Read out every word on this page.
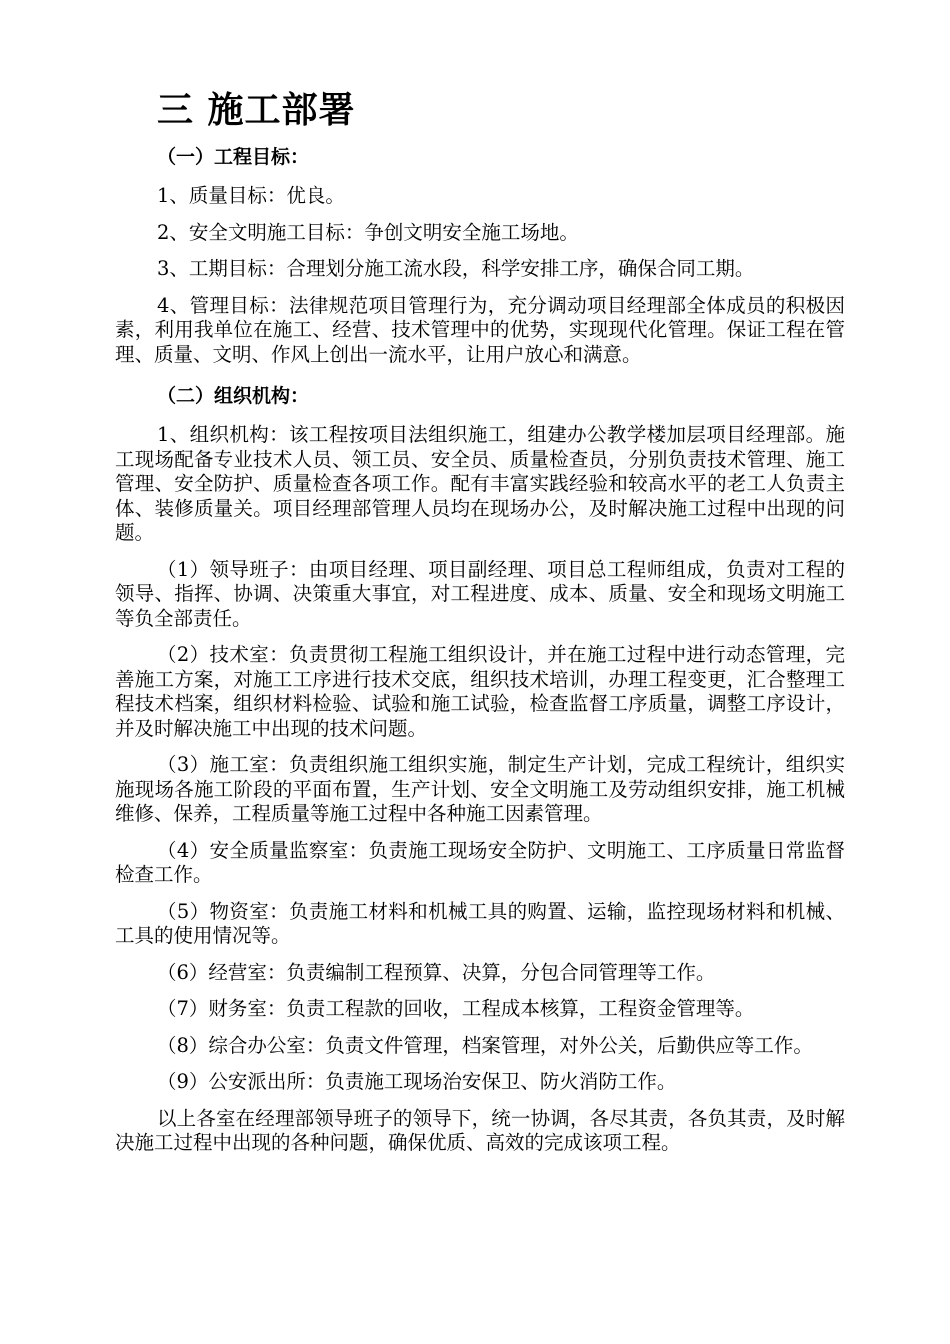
三 施工部署
（一）工程目标：

1、质量目标：优良。

2、安全文明施工目标：争创文明安全施工场地。

3、工期目标：合理划分施工流水段，科学安排工序，确保合同工期。

4、管理目标：法律规范项目管理行为，充分调动项目经理部全体成员的积极因素，利用我单位在施工、经营、技术管理中的优势，实现现代化管理。保证工程在管理、质量、文明、作风上创出一流水平，让用户放心和满意。

（二）组织机构：

1、组织机构：该工程按项目法组织施工，组建办公教学楼加层项目经理部。施工现场配备专业技术人员、领工员、安全员、质量检查员，分别负责技术管理、施工管理、安全防护、质量检查各项工作。配有丰富实践经验和较高水平的老工人负责主体、装修质量关。项目经理部管理人员均在现场办公，及时解决施工过程中出现的问题。

（1）领导班子：由项目经理、项目副经理、项目总工程师组成，负责对工程的领导、指挥、协调、决策重大事宜，对工程进度、成本、质量、安全和现场文明施工等负全部责任。

（2）技术室：负责贯彻工程施工组织设计，并在施工过程中进行动态管理，完善施工方案，对施工工序进行技术交底，组织技术培训，办理工程变更，汇合整理工程技术档案，组织材料检验、试验和施工试验，检查监督工序质量，调整工序设计，并及时解决施工中出现的技术问题。

（3）施工室：负责组织施工组织实施，制定生产计划，完成工程统计，组织实施现场各施工阶段的平面布置，生产计划、安全文明施工及劳动组织安排，施工机械维修、保养，工程质量等施工过程中各种施工因素管理。

（4）安全质量监察室：负责施工现场安全防护、文明施工、工序质量日常监督检查工作。

（5）物资室：负责施工材料和机械工具的购置、运输，监控现场材料和机械、工具的使用情况等。

（6）经营室：负责编制工程预算、决算，分包合同管理等工作。

（7）财务室：负责工程款的回收，工程成本核算，工程资金管理等。

（8）综合办公室：负责文件管理，档案管理，对外公关，后勤供应等工作。

（9）公安派出所：负责施工现场治安保卫、防火消防工作。

以上各室在经理部领导班子的领导下，统一协调，各尽其责，各负其责，及时解决施工过程中出现的各种问题，确保优质、高效的完成该项工程。
